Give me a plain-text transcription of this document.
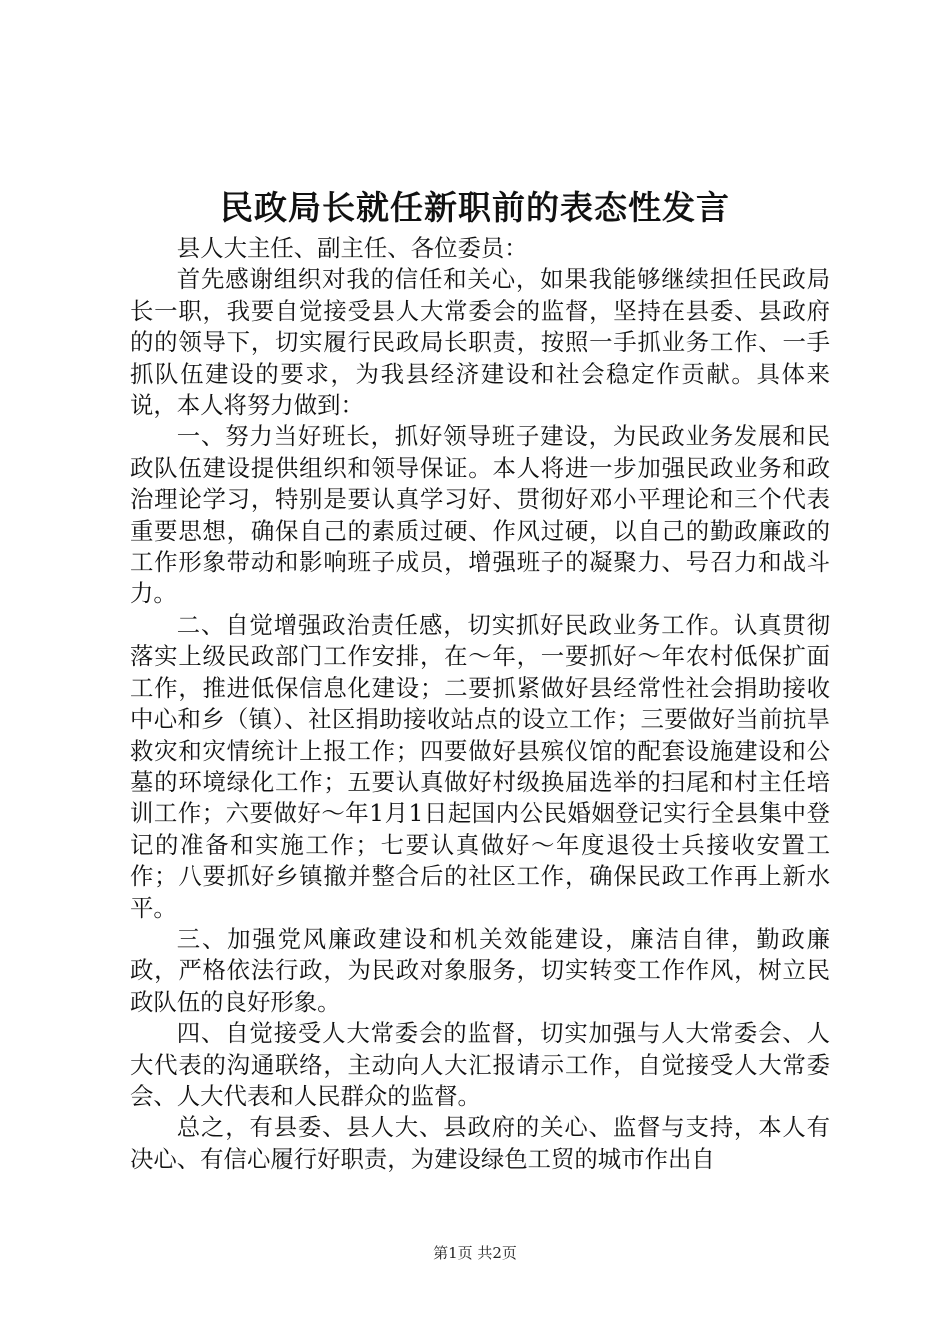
民政局长就任新职前的表态性发言

县人大主任、副主任、各位委员：

首先感谢组织对我的信任和关心，如果我能够继续担任民政局长一职，我要自觉接受县人大常委会的监督，坚持在县委、县政府的的领导下，切实履行民政局长职责，按照一手抓业务工作、一手抓队伍建设的要求，为我县经济建设和社会稳定作贡献。具体来说，本人将努力做到：

一、努力当好班长，抓好领导班子建设，为民政业务发展和民政队伍建设提供组织和领导保证。本人将进一步加强民政业务和政治理论学习，特别是要认真学习好、贯彻好邓小平理论和三个代表重要思想，确保自己的素质过硬、作风过硬，以自己的勤政廉政的工作形象带动和影响班子成员，增强班子的凝聚力、号召力和战斗力。

二、自觉增强政治责任感，切实抓好民政业务工作。认真贯彻落实上级民政部门工作安排，在～年，一要抓好～年农村低保扩面工作，推进低保信息化建设；二要抓紧做好县经常性社会捐助接收中心和乡（镇）、社区捐助接收站点的设立工作；三要做好当前抗旱救灾和灾情统计上报工作；四要做好县殡仪馆的配套设施建设和公墓的环境绿化工作；五要认真做好村级换届选举的扫尾和村主任培训工作；六要做好～年1月1日起国内公民婚姻登记实行全县集中登记的准备和实施工作；七要认真做好～年度退役士兵接收安置工作；八要抓好乡镇撤并整合后的社区工作，确保民政工作再上新水平。

三、加强党风廉政建设和机关效能建设，廉洁自律，勤政廉政，严格依法行政，为民政对象服务，切实转变工作作风，树立民政队伍的良好形象。

四、自觉接受人大常委会的监督，切实加强与人大常委会、人大代表的沟通联络，主动向人大汇报请示工作，自觉接受人大常委会、人大代表和人民群众的监督。

总之，有县委、县人大、县政府的关心、监督与支持，本人有决心、有信心履行好职责，为建设绿色工贸的城市作出自

第1页 共2页
